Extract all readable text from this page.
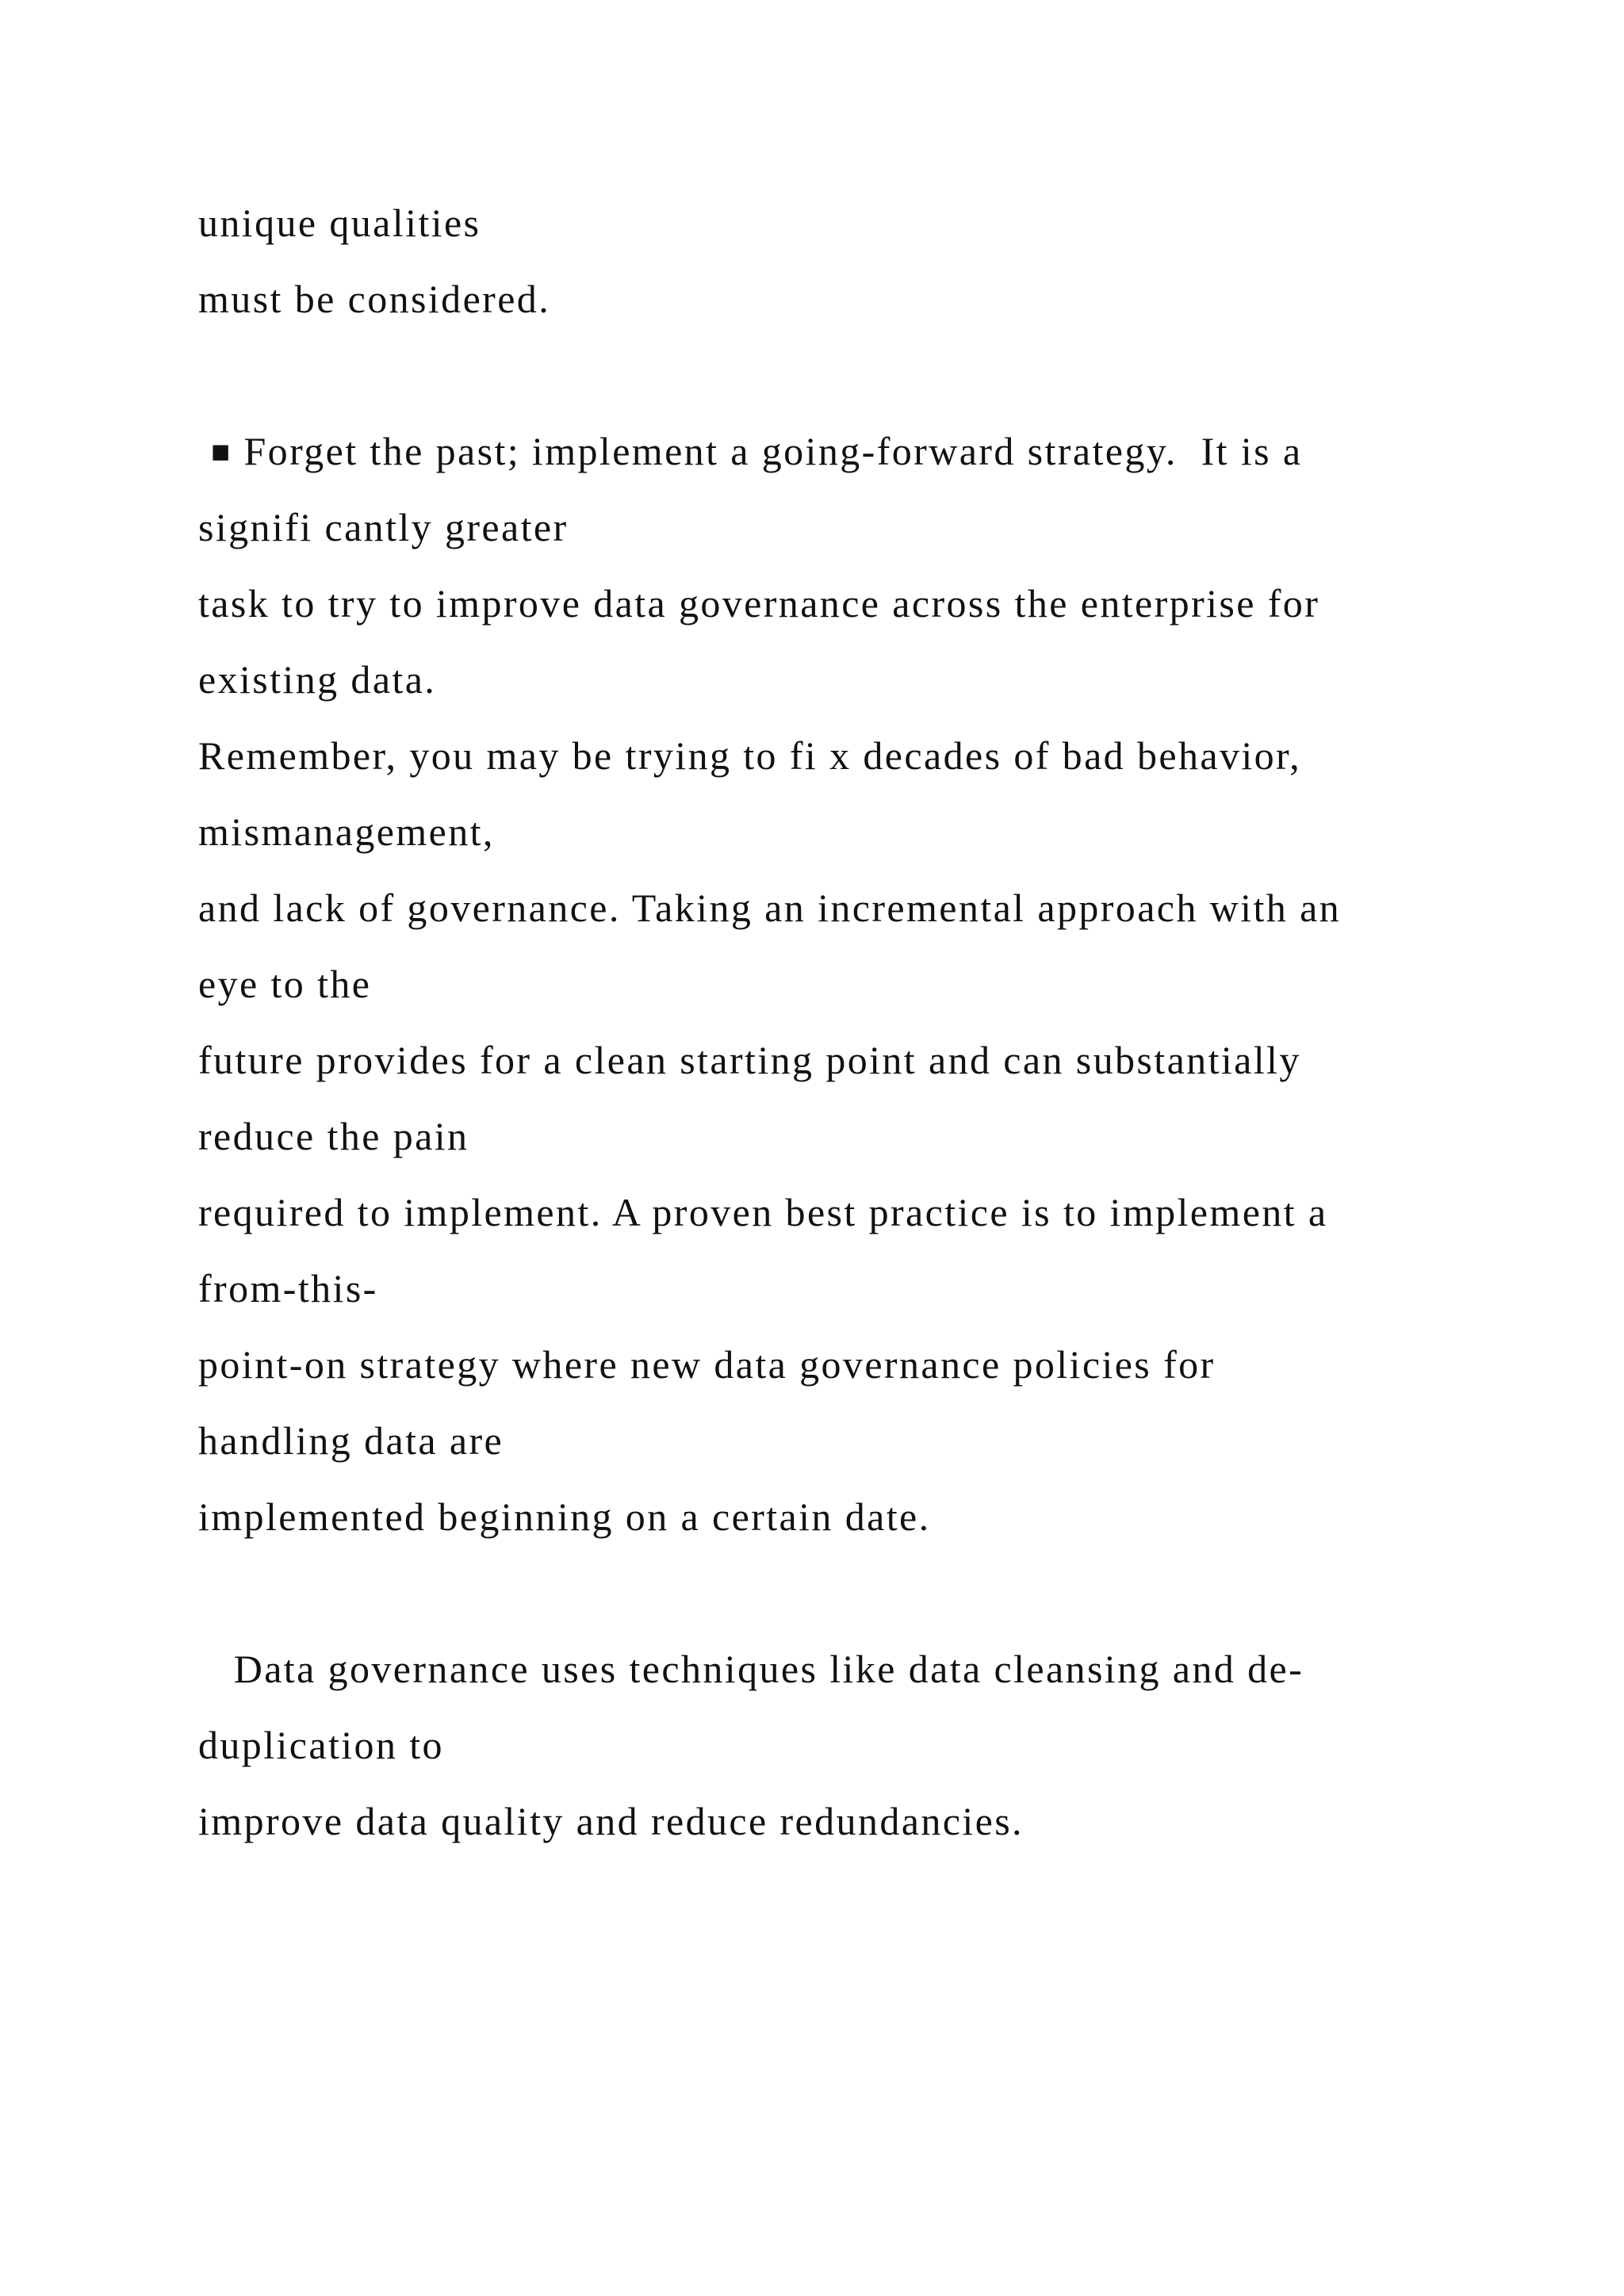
unique qualities

must be considered.

■ Forget the past; implement a going-forward strategy.  It is a

signifi cantly greater

task to try to improve data governance across the enterprise for

existing data.

Remember, you may be trying to fi x decades of bad behavior,

mismanagement,

and lack of governance. Taking an incremental approach with an

eye to the

future provides for a clean starting point and can substantially

reduce the pain

required to implement. A proven best practice is to implement a

from-this-

point-on strategy where new data governance policies for

handling data are

implemented beginning on a certain date.

Data governance uses techniques like data cleansing and de-

duplication to

improve data quality and reduce redundancies.
